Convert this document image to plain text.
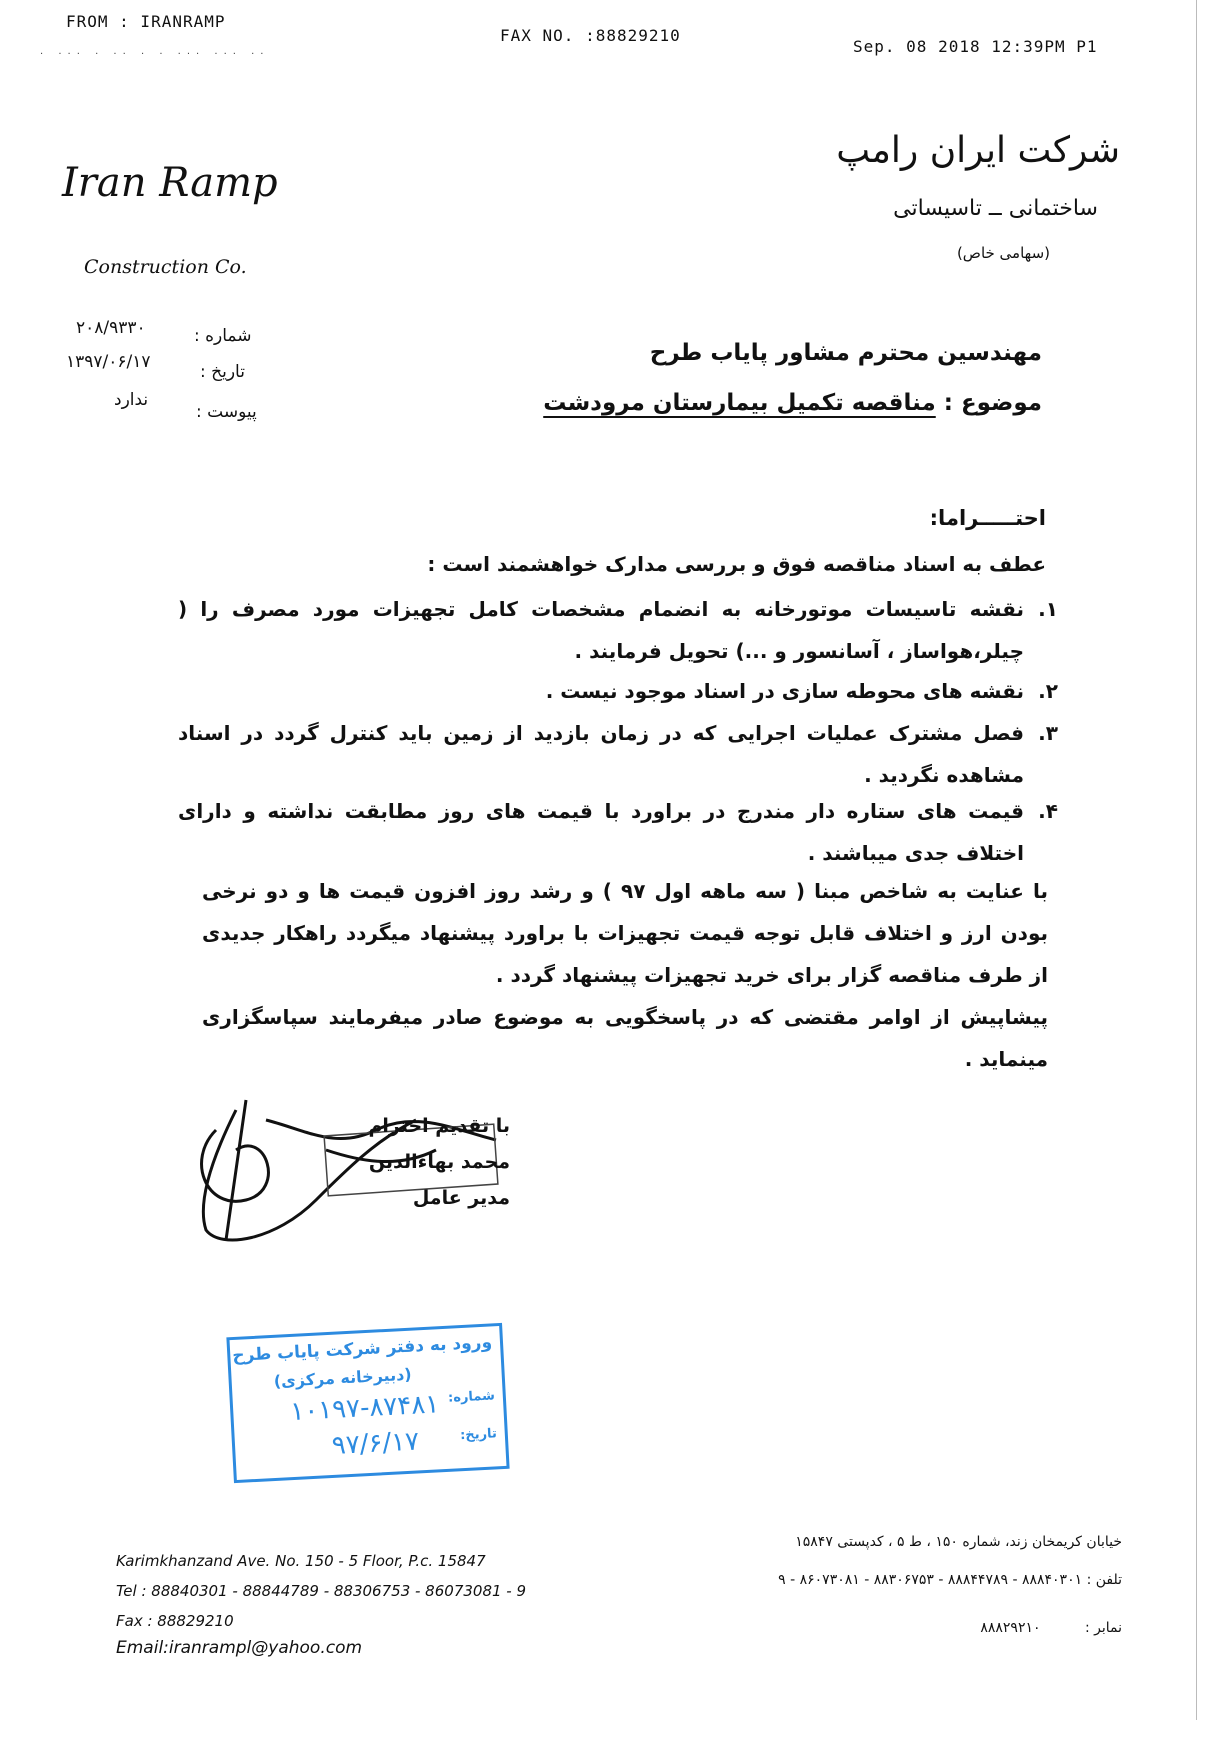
FROM : IRANRAMP
FAX NO. :88829210
Sep. 08 2018 12:39PM P1
. ... . .. . . ... ... ..
Iran Ramp
Construction Co.
شرکت ایران رامپ
ساختمانی ــ تاسیساتی
(سهامی خاص)
شماره :
۲۰۸/۹۳۳۰
تاریخ :
۱۳۹۷/۰۶/۱۷
پیوست :
ندارد
مهندسین محترم مشاور پایاب طرح
موضوع : مناقصه تکمیل بیمارستان مرودشت
احتـــــراما:
عطف به اسناد مناقصه فوق و بررسی مدارک خواهشمند است :
۱.
نقشه تاسیسات موتورخانه به انضمام مشخصات کامل تجهیزات مورد مصرف را ( چیلر،هواساز ، آسانسور و ...) تحویل فرمایند .
۲.
نقشه های محوطه سازی در اسناد موجود نیست .
۳.
فصل مشترک عملیات اجرایی که در زمان بازدید از زمین باید کنترل گردد در اسناد مشاهده نگردید .
۴.
قیمت های ستاره دار مندرج در براورد با قیمت های روز مطابقت نداشته و دارای اختلاف جدی میباشند .
با عنایت به شاخص مبنا ( سه ماهه اول ۹۷ ) و رشد روز افزون قیمت ها و دو نرخی بودن ارز و اختلاف قابل توجه قیمت تجهیزات با براورد پیشنهاد میگردد راهکار جدیدی از طرف مناقصه گزار برای خرید تجهیزات پیشنهاد گردد .
پیشاپیش از اوامر مقتضی که در پاسخگویی به موضوع صادر میفرمایند سپاسگزاری مینماید .
با تقدیم احترام
محمد بهاءالدین
مدیر عامل
ورود به دفتر شرکت پایاب طرح
(دبیرخانه مرکزی)
شماره:
۱۰۱۹۷-۸۷۴۸۱
تاریخ:
۹۷/۶/۱۷
Karimkhanzand Ave. No. 150 - 5 Floor, P.c. 15847
Tel : 88840301 - 88844789 - 88306753 - 86073081 - 9
Fax : 88829210
Email:iranrampl@yahoo.com
خیابان کریمخان زند، شماره ۱۵۰ ، ط ۵ ، کدپستی ۱۵۸۴۷
تلفن : ۸۸۸۴۰۳۰۱ - ۸۸۸۴۴۷۸۹ - ۸۸۳۰۶۷۵۳ - ۸۶۰۷۳۰۸۱ - ۹
نمابر : ۸۸۸۲۹۲۱۰
